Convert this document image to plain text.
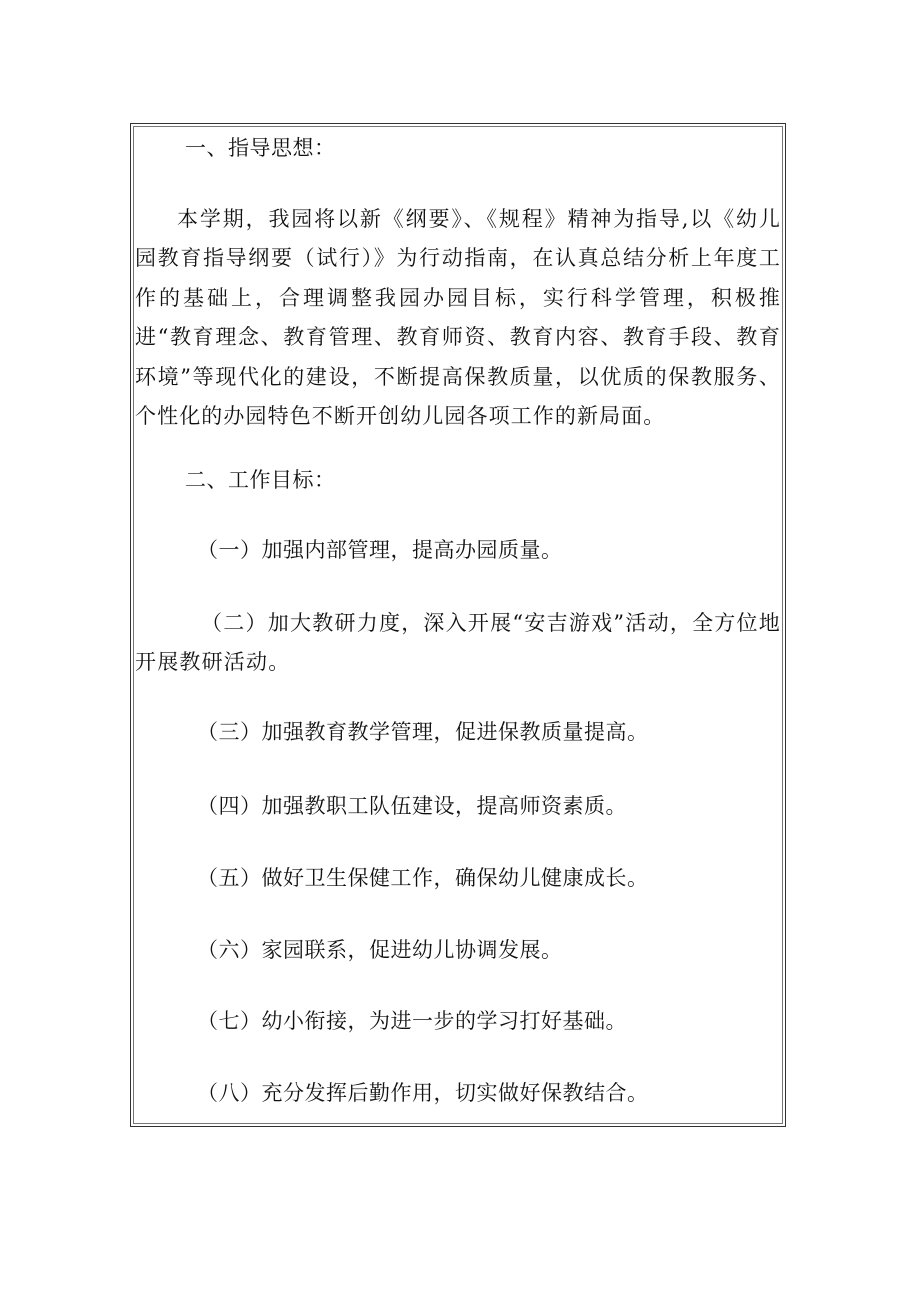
一、指导思想：
本学期，我园将以新《纲要》、《规程》精神为指导,以《幼儿园教育指导纲要（试行）》为行动指南，在认真总结分析上年度工作的基础上，合理调整我园办园目标，实行科学管理，积极推进“教育理念、教育管理、教育师资、教育内容、教育手段、教育环境”等现代化的建设，不断提高保教质量，以优质的保教服务、个性化的办园特色不断开创幼儿园各项工作的新局面。
二、工作目标：
（一）加强内部管理，提高办园质量。
（二）加大教研力度，深入开展“安吉游戏”活动，全方位地开展教研活动。
（三）加强教育教学管理，促进保教质量提高。
（四）加强教职工队伍建设，提高师资素质。
（五）做好卫生保健工作，确保幼儿健康成长。
（六）家园联系，促进幼儿协调发展。
（七）幼小衔接，为进一步的学习打好基础。
（八）充分发挥后勤作用，切实做好保教结合。
